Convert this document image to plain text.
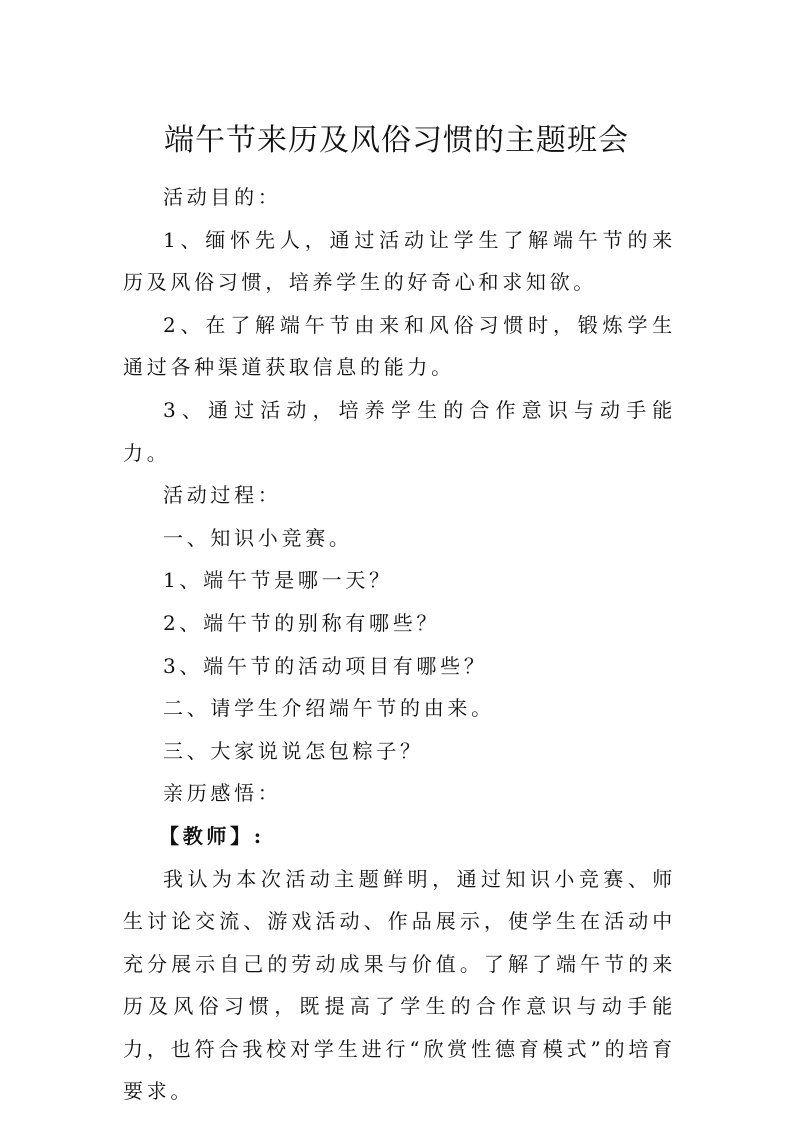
端午节来历及风俗习惯的主题班会

活动目的：

1、缅怀先人，通过活动让学生了解端午节的来历及风俗习惯，培养学生的好奇心和求知欲。

2、在了解端午节由来和风俗习惯时，锻炼学生通过各种渠道获取信息的能力。

3、通过活动，培养学生的合作意识与动手能力。

活动过程：

一、知识小竞赛。

1、端午节是哪一天？

2、端午节的别称有哪些？

3、端午节的活动项目有哪些？

二、请学生介绍端午节的由来。

三、大家说说怎包粽子？

亲历感悟：

【教师】:

我认为本次活动主题鲜明，通过知识小竞赛、师生讨论交流、游戏活动、作品展示，使学生在活动中充分展示自己的劳动成果与价值。了解了端午节的来历及风俗习惯，既提高了学生的合作意识与动手能力，也符合我校对学生进行“欣赏性德育模式”的培育要求。
